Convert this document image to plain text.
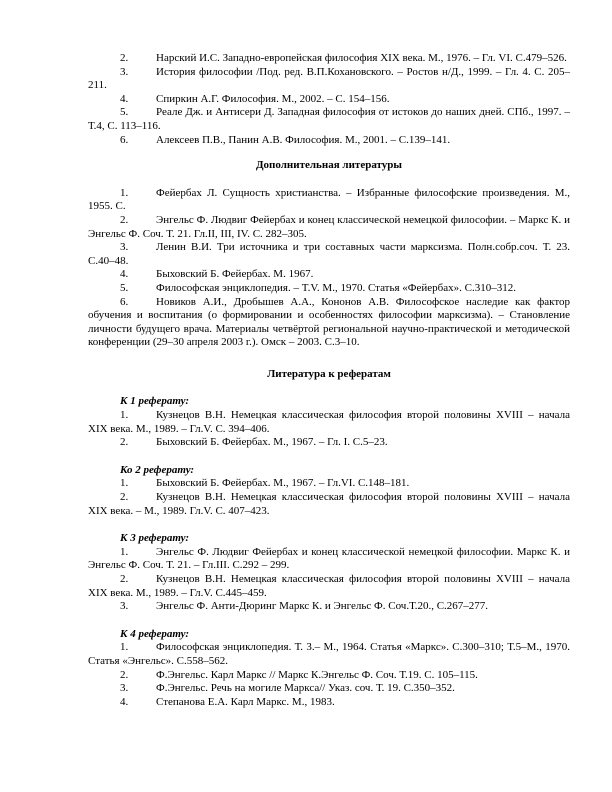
2.	Нарский И.С. Западно-европейская философия XIX века. М., 1976. – Гл. VI. С.479–526.

3.	История философии /Под. ред. В.П.Кохановского. – Ростов н/Д., 1999. – Гл. 4. С. 205–211.

4.	Спиркин А.Г. Философия. М., 2002. – С. 154–156.

5.	Реале Дж. и Антисери Д. Западная философия от истоков до наших дней. СПб., 1997. – Т.4, С. 113–116.

6.	Алексеев П.В., Панин А.В. Философия. М., 2001. – С.139–141.

Дополнительная литературы

1.	Фейербах Л. Сущность христианства. – Избранные философские произведения. М., 1955. С.

2.	Энгельс Ф. Людвиг Фейербах и конец классической немецкой философии. – Маркс К. и Энгельс Ф. Соч. Т. 21. Гл.II, III, IV. С. 282–305.

3.	Ленин В.И. Три источника и три составных части марксизма. Полн.собр.соч. Т. 23. С.40–48.

4.	Быховский Б. Фейербах. М. 1967.

5.	Философская энциклопедия. – T.V. М., 1970. Статья «Фейербах». С.310–312.

6.	Новиков А.И., Дробышев А.А., Кононов А.В. Философское наследие как фактор обучения и воспитания (о формировании и особенностях философии марксизма). – Становление личности будущего врача. Материалы четвёртой региональной научно-практической и методической конференции (29–30 апреля 2003 г.). Омск – 2003. С.3–10.

Литература к рефератам
К 1 реферату:

1.	Кузнецов В.Н. Немецкая классическая философия второй половины XVIII – начала XIX века. М., 1989. – Гл.V. С. 394–406.

2.	Быховский Б. Фейербах. М., 1967. – Гл. I. С.5–23.

Ко 2 реферату:

1.	Быховский Б. Фейербах. М., 1967. – Гл.VI. С.148–181.

2.	Кузнецов В.Н. Немецкая классическая философия второй половины XVIII – начала XIX века. – М., 1989. Гл.V. С. 407–423.

К 3 реферату:

1.	Энгельс Ф. Людвиг Фейербах и конец классической немецкой философии. Маркс К. и Энгельс Ф. Соч. Т. 21. – Гл.III. С.292 – 299.

2.	Кузнецов В.Н. Немецкая классическая философия второй половины XVIII – начала XIX века. М., 1989. – Гл.V. С.445–459.

3.	Энгельс Ф. Анти-Дюринг Маркс К. и Энгельс Ф. Соч.Т.20., С.267–277.

К 4 реферату:

1.	Философская энциклопедия. Т. 3.– М., 1964. Статья «Маркс». С.300–310; Т.5–М., 1970. Статья «Энгельс». С.558–562.

2.	Ф.Энгельс. Карл Маркс // Маркс К.Энгельс Ф. Соч. Т.19. С. 105–115.

3.	Ф.Энгельс. Речь на могиле Маркса// Указ. соч. Т. 19. С.350–352.

4.	Степанова Е.А. Карл Маркс. М., 1983.
